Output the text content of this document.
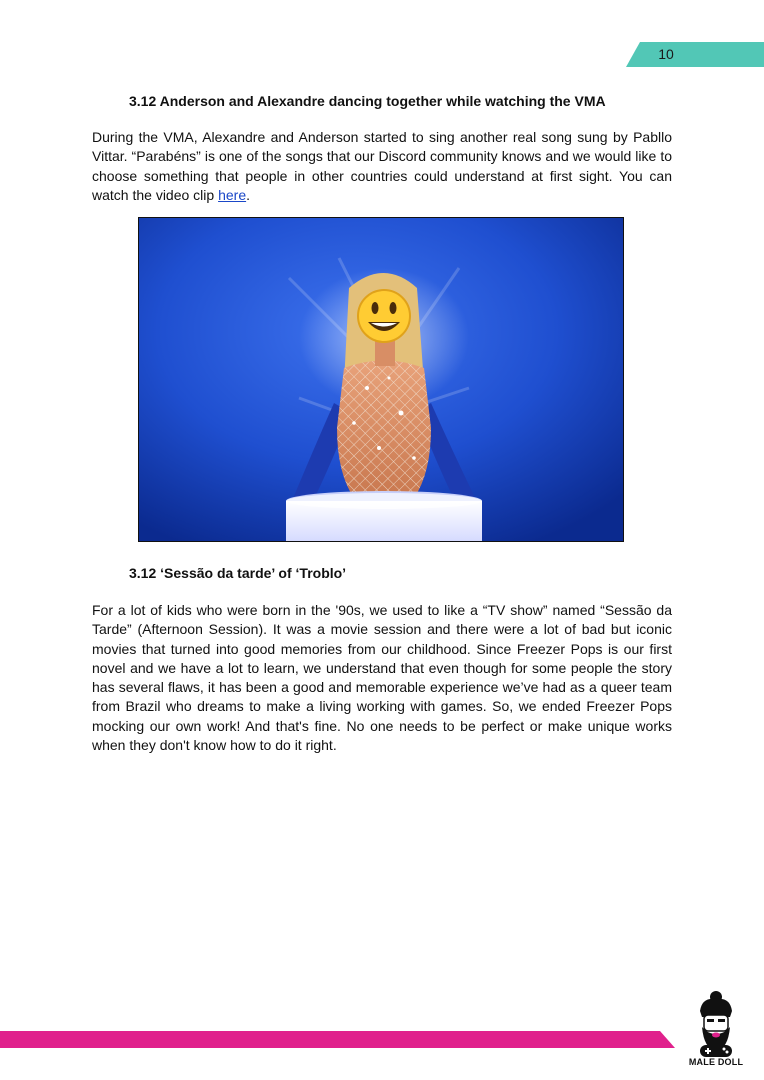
10
3.12 Anderson and Alexandre dancing together while watching the VMA

During the VMA, Alexandre and Anderson started to sing another real song sung by Pabllo Vittar. “Parabéns” is one of the songs that our Discord community knows and we would like to choose something that people in other countries could understand at first sight. You can watch the video clip here.

3.12 ‘Sessão da tarde’ of ‘Troblo’

For a lot of kids who were born in the '90s, we used to like a “TV show” named “Sessão da Tarde” (Afternoon Session). It was a movie session and there were a lot of bad but iconic movies that turned into good memories from our childhood. Since Freezer Pops is our first novel and we have a lot to learn, we understand that even though for some people the story has several flaws, it has been a good and memorable experience we’ve had as a queer team from Brazil who dreams to make a living working with games. So, we ended Freezer Pops mocking our own work! And that's fine. No one needs to be perfect or make unique works when they don't know how to do it right.

MALE DOLL
